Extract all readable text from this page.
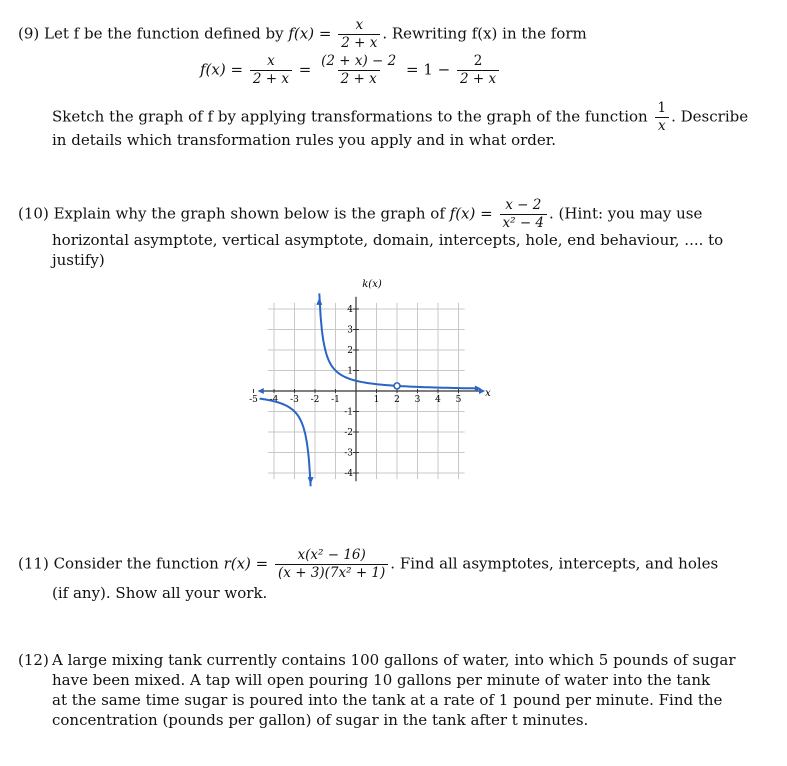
(9) Let f be the function defined by $f(x) = \frac{x}{2 + x}$ . Rewriting f(x) in the form
$f(x) = \frac{x}{2 + x} = \frac{(2 + x) - 2}{2 + x} = 1 - \frac{2}{2 + x}$
Sketch the graph of f by applying transformations to the graph of the function $\frac{1}{x}$ . Describe
in details which transformation rules you apply and in what order.
(10) Explain why the graph shown below is the graph of $f(x) = \frac{x - 2}{\text{x² − 4}}$ . (Hint: you may use
horizontal asymptote, vertical asymptote, domain, intercepts, hole, end behaviour, .... to
justify)
-5 -4 -3 -2 -1	1 2 3 4 5
4
3
2
1
-1
-2
-3
-4
k(x)
x
(11) Consider the function $r(x) = \frac{\text{x(x² − 16)}}{\text{(x + 3)(7x² + 1)}}$ . Find all asymptotes, intercepts, and holes
(if any). Show all your work.
(12) A large mixing tank currently contains 100 gallons of water, into which 5 pounds of sugar
have been mixed. A tap will open pouring 10 gallons per minute of water into the tank
at the same time sugar is poured into the tank at a rate of 1 pound per minute. Find the
concentration (pounds per gallon) of sugar in the tank after t minutes.
